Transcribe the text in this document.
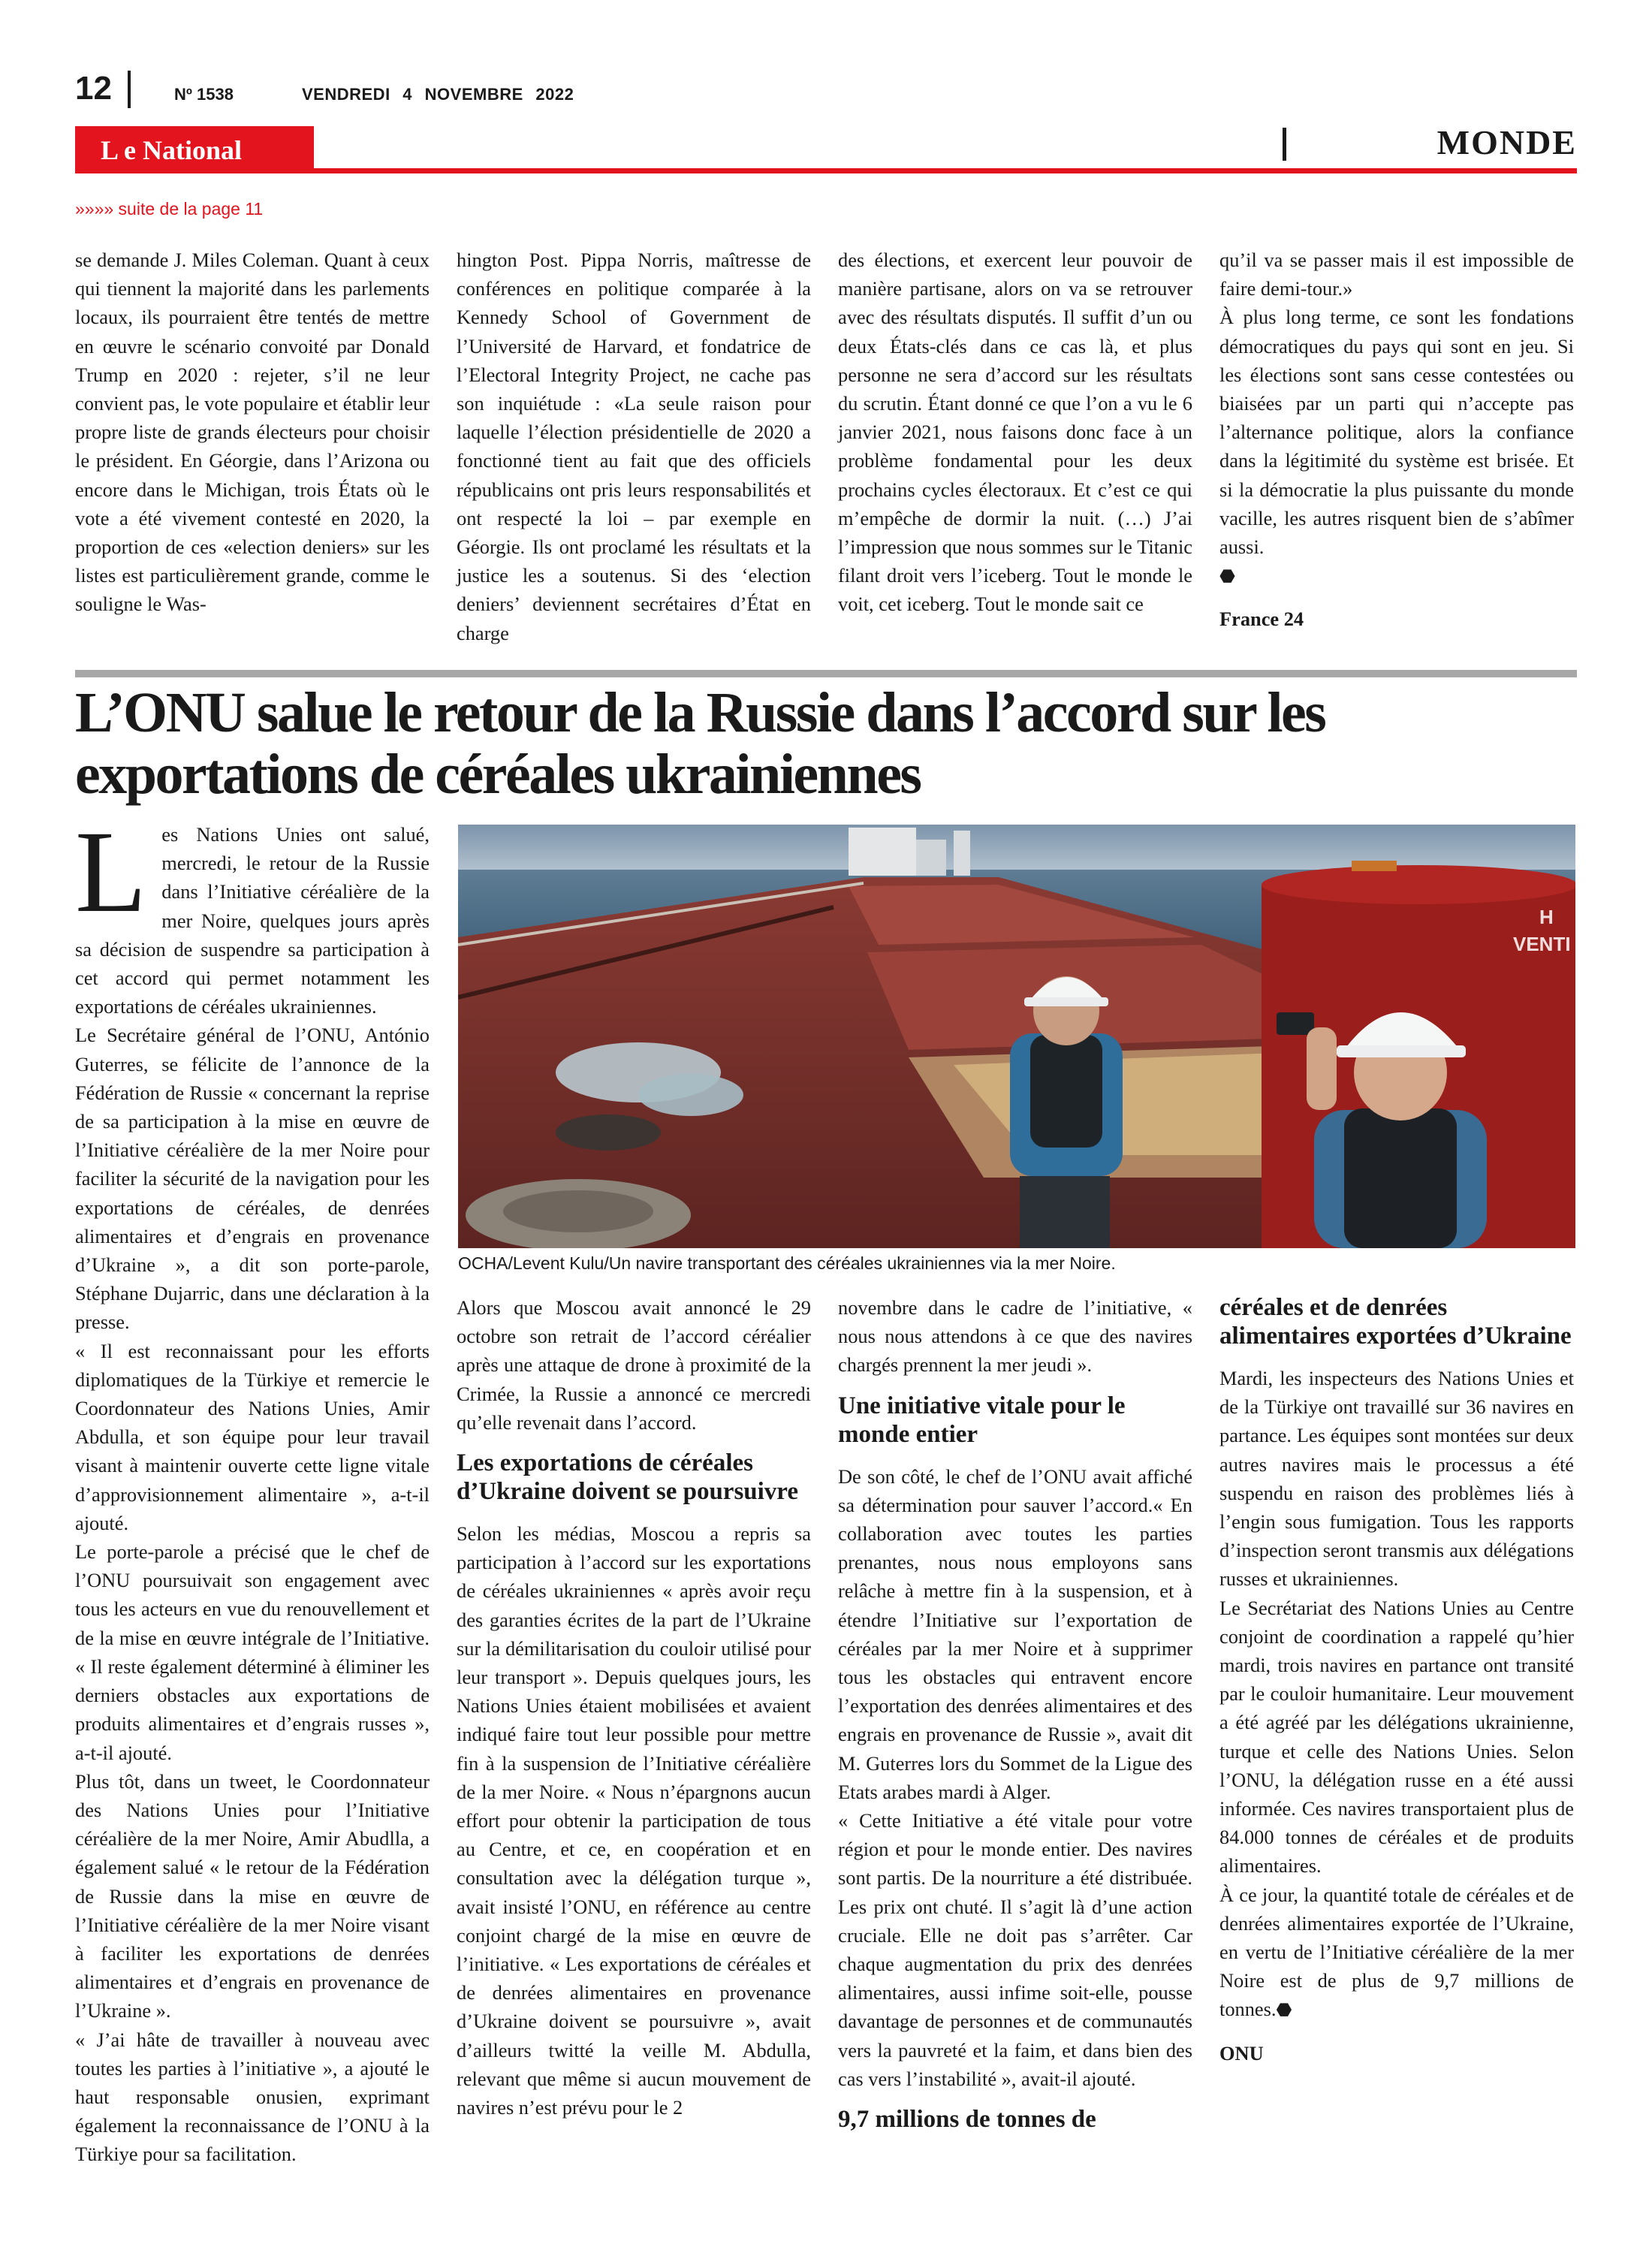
12	Nº 1538	VENDREDI 4 NOVEMBRE 2022
L e National	MONDE
»»»» suite de la page 11

se demande J. Miles Coleman. Quant à ceux qui tiennent la majorité dans les parlements locaux, ils pourraient être tentés de mettre en œuvre le scénario convoité par Donald Trump en 2020 : rejeter, s’il ne leur convient pas, le vote populaire et établir leur propre liste de grands électeurs pour choisir le président. En Géorgie, dans l’Arizona ou encore dans le Michigan, trois États où le vote a été vivement contesté en 2020, la proportion de ces «election deniers» sur les listes est particulièrement grande, comme le souligne le Was-

hington Post. Pippa Norris, maîtresse de conférences en politique comparée à la Kennedy School of Government de l’Université de Harvard, et fondatrice de l’Electoral Integrity Project, ne cache pas son inquiétude : «La seule raison pour laquelle l’élection présidentielle de 2020 a fonctionné tient au fait que des officiels républicains ont pris leurs responsabilités et ont respecté la loi – par exemple en Géorgie. Ils ont proclamé les résultats et la justice les a soutenus. Si des ‘election deniers’ deviennent secrétaires d’État en charge

des élections, et exercent leur pouvoir de manière partisane, alors on va se retrouver avec des résultats disputés. Il suffit d’un ou deux États-clés dans ce cas là, et plus personne ne sera d’accord sur les résultats du scrutin. Étant donné ce que l’on a vu le 6 janvier 2021, nous faisons donc face à un problème fondamental pour les deux prochains cycles électoraux. Et c’est ce qui m’empêche de dormir la nuit. (…) J’ai l’impression que nous sommes sur le Titanic filant droit vers l’iceberg. Tout le monde le voit, cet iceberg. Tout le monde sait ce

qu’il va se passer mais il est impossible de faire demi-tour.»

À plus long terme, ce sont les fondations démocratiques du pays qui sont en jeu. Si les élections sont sans cesse contestées ou biaisées par un parti qui n’accepte pas l’alternance politique, alors la confiance dans la légitimité du système est brisée. Et si la démocratie la plus puissante du monde vacille, les autres risquent bien de s’abîmer aussi.
⬣

France 24

L’ONU salue le retour de la Russie dans l’accord sur les exportations de céréales ukrainiennes

Les Nations Unies ont salué, mercredi, le retour de la Russie dans l’Initiative céréalière de la mer Noire, quelques jours après sa décision de suspendre sa participation à cet accord qui permet notamment les exportations de céréales ukrainiennes.

Le Secrétaire général de l’ONU, António Guterres, se félicite de l’annonce de la Fédération de Russie « concernant la reprise de sa participation à la mise en œuvre de l’Initiative céréalière de la mer Noire pour faciliter la sécurité de la navigation pour les exportations de céréales, de denrées alimentaires et d’engrais en provenance d’Ukraine », a dit son porte-parole, Stéphane Dujarric, dans une déclaration à la presse.

« Il est reconnaissant pour les efforts diplomatiques de la Türkiye et remercie le Coordonnateur des Nations Unies, Amir Abdulla, et son équipe pour leur travail visant à maintenir ouverte cette ligne vitale d’approvisionnement alimentaire », a-t-il ajouté.

Le porte-parole a précisé que le chef de l’ONU poursuivait son engagement avec tous les acteurs en vue du renouvellement et de la mise en œuvre intégrale de l’Initiative. « Il reste également déterminé à éliminer les derniers obstacles aux exportations de produits alimentaires et d’engrais russes », a-t-il ajouté.

Plus tôt, dans un tweet, le Coordonnateur des Nations Unies pour l’Initiative céréalière de la mer Noire, Amir Abudlla, a également salué « le retour de la Fédération de Russie dans la mise en œuvre de l’Initiative céréalière de la mer Noire visant à faciliter les exportations de denrées alimentaires et d’engrais en provenance de l’Ukraine ».

« J’ai hâte de travailler à nouveau avec toutes les parties à l’initiative », a ajouté le haut responsable onusien, exprimant également la reconnaissance de l’ONU à la Türkiye pour sa facilitation.

H
VENTI
OCHA/Levent Kulu/Un navire transportant des céréales ukrainiennes via la mer Noire.

Alors que Moscou avait annoncé le 29 octobre son retrait de l’accord céréalier après une attaque de drone à proximité de la Crimée, la Russie a annoncé ce mercredi qu’elle revenait dans l’accord.

Les exportations de céréales d’Ukraine doivent se poursuivre

Selon les médias, Moscou a repris sa participation à l’accord sur les exportations de céréales ukrainiennes « après avoir reçu des garanties écrites de la part de l’Ukraine sur la démilitarisation du couloir utilisé pour leur transport ». Depuis quelques jours, les Nations Unies étaient mobilisées et avaient indiqué faire tout leur possible pour mettre fin à la suspension de l’Initiative céréalière de la mer Noire. « Nous n’épargnons aucun effort pour obtenir la participation de tous au Centre, et ce, en coopération et en consultation avec la délégation turque », avait insisté l’ONU, en référence au centre conjoint chargé de la mise en œuvre de l’initiative. « Les exportations de céréales et de denrées alimentaires en provenance d’Ukraine doivent se poursuivre », avait d’ailleurs twitté la veille M. Abdulla, relevant que même si aucun mouvement de navires n’est prévu pour le 2

novembre dans le cadre de l’initiative, « nous nous attendons à ce que des navires chargés prennent la mer jeudi ».

Une initiative vitale pour le monde entier

De son côté, le chef de l’ONU avait affiché sa détermination pour sauver l’accord.« En collaboration avec toutes les parties prenantes, nous nous employons sans relâche à mettre fin à la suspension, et à étendre l’Initiative sur l’exportation de céréales par la mer Noire et à supprimer tous les obstacles qui entravent encore l’exportation des denrées alimentaires et des engrais en provenance de Russie », avait dit M. Guterres lors du Sommet de la Ligue des Etats arabes mardi à Alger.

« Cette Initiative a été vitale pour votre région et pour le monde entier. Des navires sont partis. De la nourriture a été distribuée. Les prix ont chuté. Il s’agit là d’une action cruciale. Elle ne doit pas s’arrêter. Car chaque augmentation du prix des denrées alimentaires, aussi infime soit-elle, pousse davantage de personnes et de communautés vers la pauvreté et la faim, et dans bien des cas vers l’instabilité », avait-il ajouté.

9,7 millions de tonnes de

céréales et de denrées alimentaires exportées d’Ukraine

Mardi, les inspecteurs des Nations Unies et de la Türkiye ont travaillé sur 36 navires en partance. Les équipes sont montées sur deux autres navires mais le processus a été suspendu en raison des problèmes liés à l’engin sous fumigation. Tous les rapports d’inspection seront transmis aux délégations russes et ukrainiennes.

Le Secrétariat des Nations Unies au Centre conjoint de coordination a rappelé qu’hier mardi, trois navires en partance ont transité par le couloir humanitaire. Leur mouvement a été agréé par les délégations ukrainienne, turque et celle des Nations Unies. Selon l’ONU, la délégation russe en a été aussi informée. Ces navires transportaient plus de 84.000 tonnes de céréales et de produits alimentaires.

À ce jour, la quantité totale de céréales et de denrées alimentaires exportée de l’Ukraine, en vertu de l’Initiative céréalière de la mer Noire est de plus de 9,7 millions de tonnes.⬣

ONU
